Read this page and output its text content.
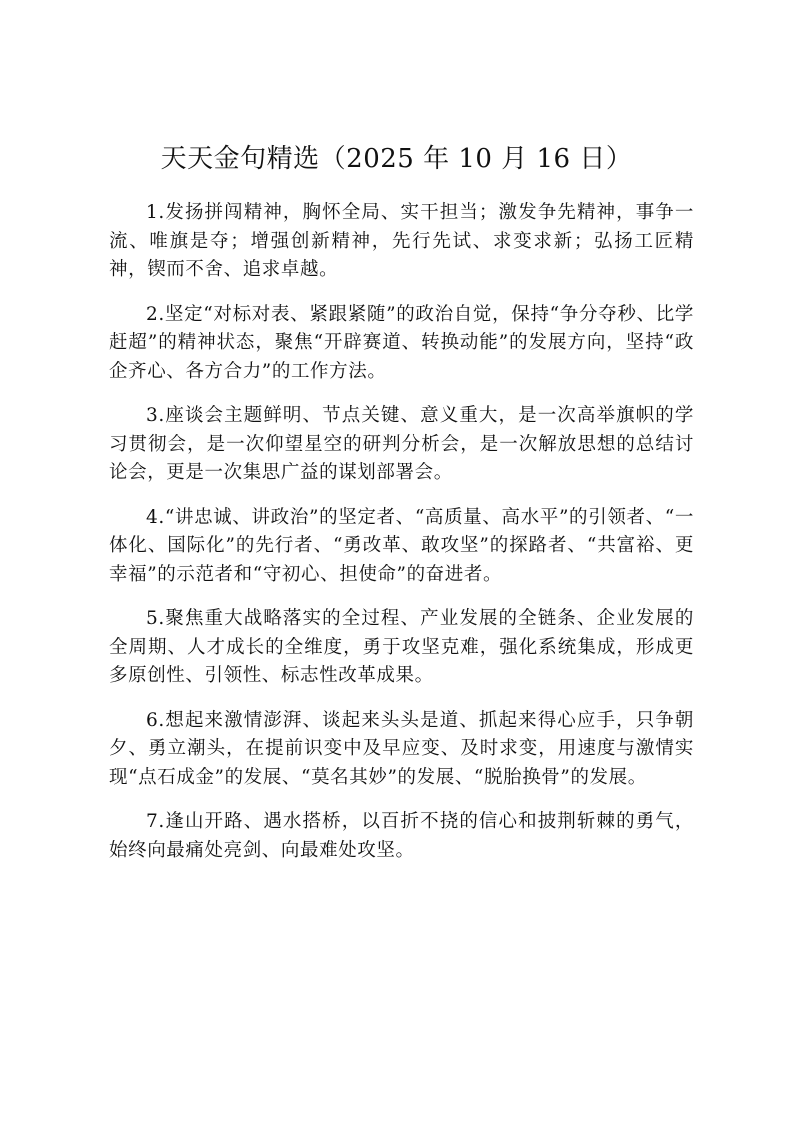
天天金句精选（2025 年 10 月 16 日）

1.发扬拼闯精神，胸怀全局、实干担当；激发争先精神，事争一流、唯旗是夺；增强创新精神，先行先试、求变求新；弘扬工匠精神，锲而不舍、追求卓越。

2.坚定“对标对表、紧跟紧随”的政治自觉，保持“争分夺秒、比学赶超”的精神状态，聚焦“开辟赛道、转换动能”的发展方向，坚持“政企齐心、各方合力”的工作方法。

3.座谈会主题鲜明、节点关键、意义重大，是一次高举旗帜的学习贯彻会，是一次仰望星空的研判分析会，是一次解放思想的总结讨论会，更是一次集思广益的谋划部署会。

4.“讲忠诚、讲政治”的坚定者、“高质量、高水平”的引领者、“一体化、国际化”的先行者、“勇改革、敢攻坚”的探路者、“共富裕、更幸福”的示范者和“守初心、担使命”的奋进者。

5.聚焦重大战略落实的全过程、产业发展的全链条、企业发展的全周期、人才成长的全维度，勇于攻坚克难，强化系统集成，形成更多原创性、引领性、标志性改革成果。

6.想起来激情澎湃、谈起来头头是道、抓起来得心应手，只争朝夕、勇立潮头，在提前识变中及早应变、及时求变，用速度与激情实现“点石成金”的发展、“莫名其妙”的发展、“脱胎换骨”的发展。

7.逢山开路、遇水搭桥，以百折不挠的信心和披荆斩棘的勇气，始终向最痛处亮剑、向最难处攻坚。
